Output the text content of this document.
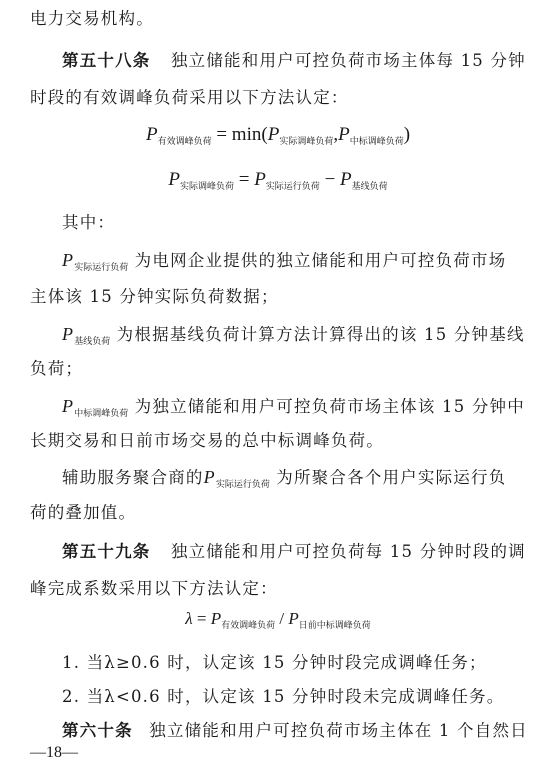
电力交易机构。
第五十八条 独立储能和用户可控负荷市场主体每 15 分钟
时段的有效调峰负荷采用以下方法认定：
$P_{有效调峰负荷} = \min(P_{实际调峰负荷},P_{中标调峰负荷})$
$P_{实际调峰负荷} = P_{实际运行负荷} - P_{基线负荷}$
其中：
$P_{实际运行负荷}$ 为电网企业提供的独立储能和用户可控负荷市场
主体该 15 分钟实际负荷数据；
$P_{基线负荷}$ 为根据基线负荷计算方法计算得出的该 15 分钟基线
负荷；
$P_{中标调峰负荷}$ 为独立储能和用户可控负荷市场主体该 15 分钟中
长期交易和日前市场交易的总中标调峰负荷。
辅助服务聚合商的$P_{实际运行负荷}$ 为所聚合各个用户实际运行负
荷的叠加值。
第五十九条 独立储能和用户可控负荷每 15 分钟时段的调
峰完成系数采用以下方法认定：
$\lambda = P_{有效调峰负荷} / P_{日前中标调峰负荷}$
1. 当λ≥0.6 时，认定该 15 分钟时段完成调峰任务；
2. 当λ<0.6 时，认定该 15 分钟时段未完成调峰任务。
第六十条 独立储能和用户可控负荷市场主体在 1 个自然日
—18—
